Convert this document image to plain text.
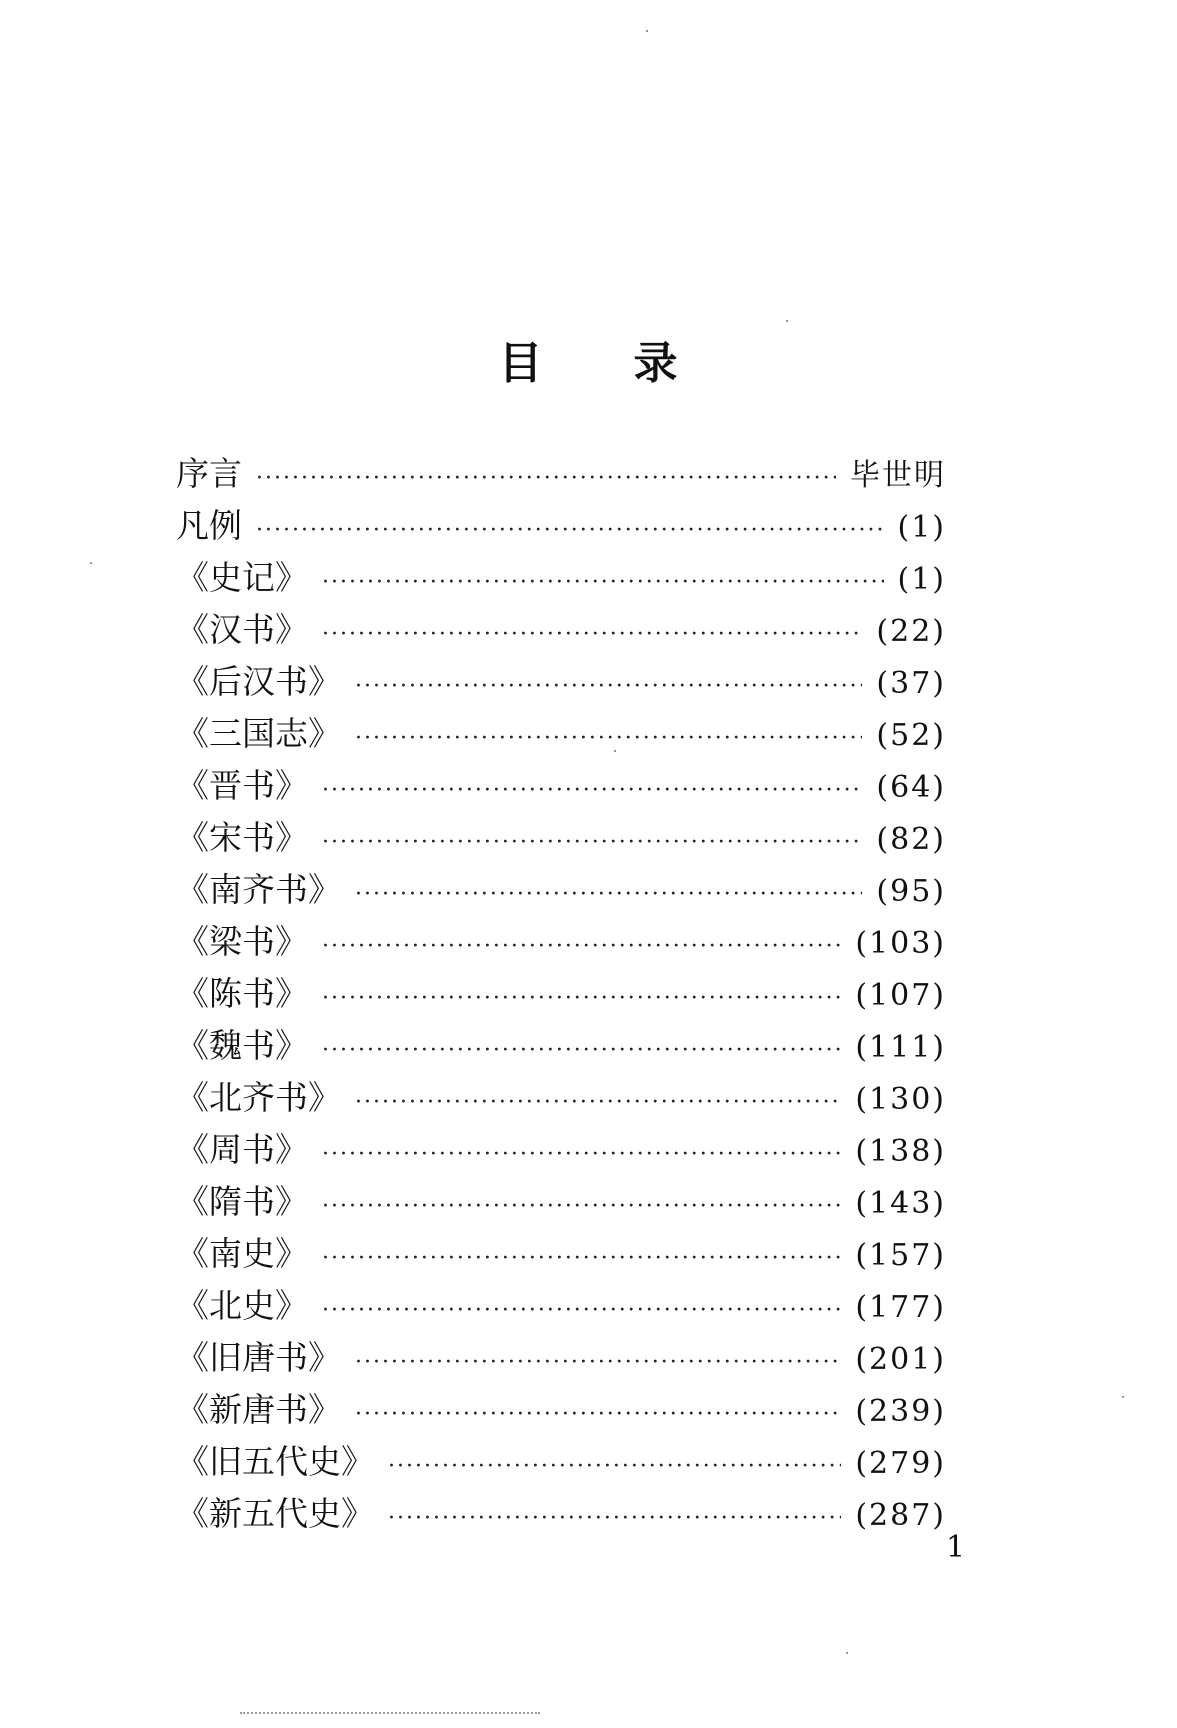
目　　录
序言 ·····	毕世明
凡例 ·····	(1)
《史记》 ·····	(1)
《汉书》 ·····	(22)
《后汉书》 ·····	(37)
《三国志》 ·····	(52)
《晋书》 ·····	(64)
《宋书》 ·····	(82)
《南齐书》 ·····	(95)
《梁书》 ·····	(103)
《陈书》 ·····	(107)
《魏书》 ·····	(111)
《北齐书》 ·····	(130)
《周书》 ·····	(138)
《隋书》 ·····	(143)
《南史》 ·····	(157)
《北史》 ·····	(177)
《旧唐书》 ·····	(201)
《新唐书》 ·····	(239)
《旧五代史》 ·····	(279)
《新五代史》 ·····	(287)
1
